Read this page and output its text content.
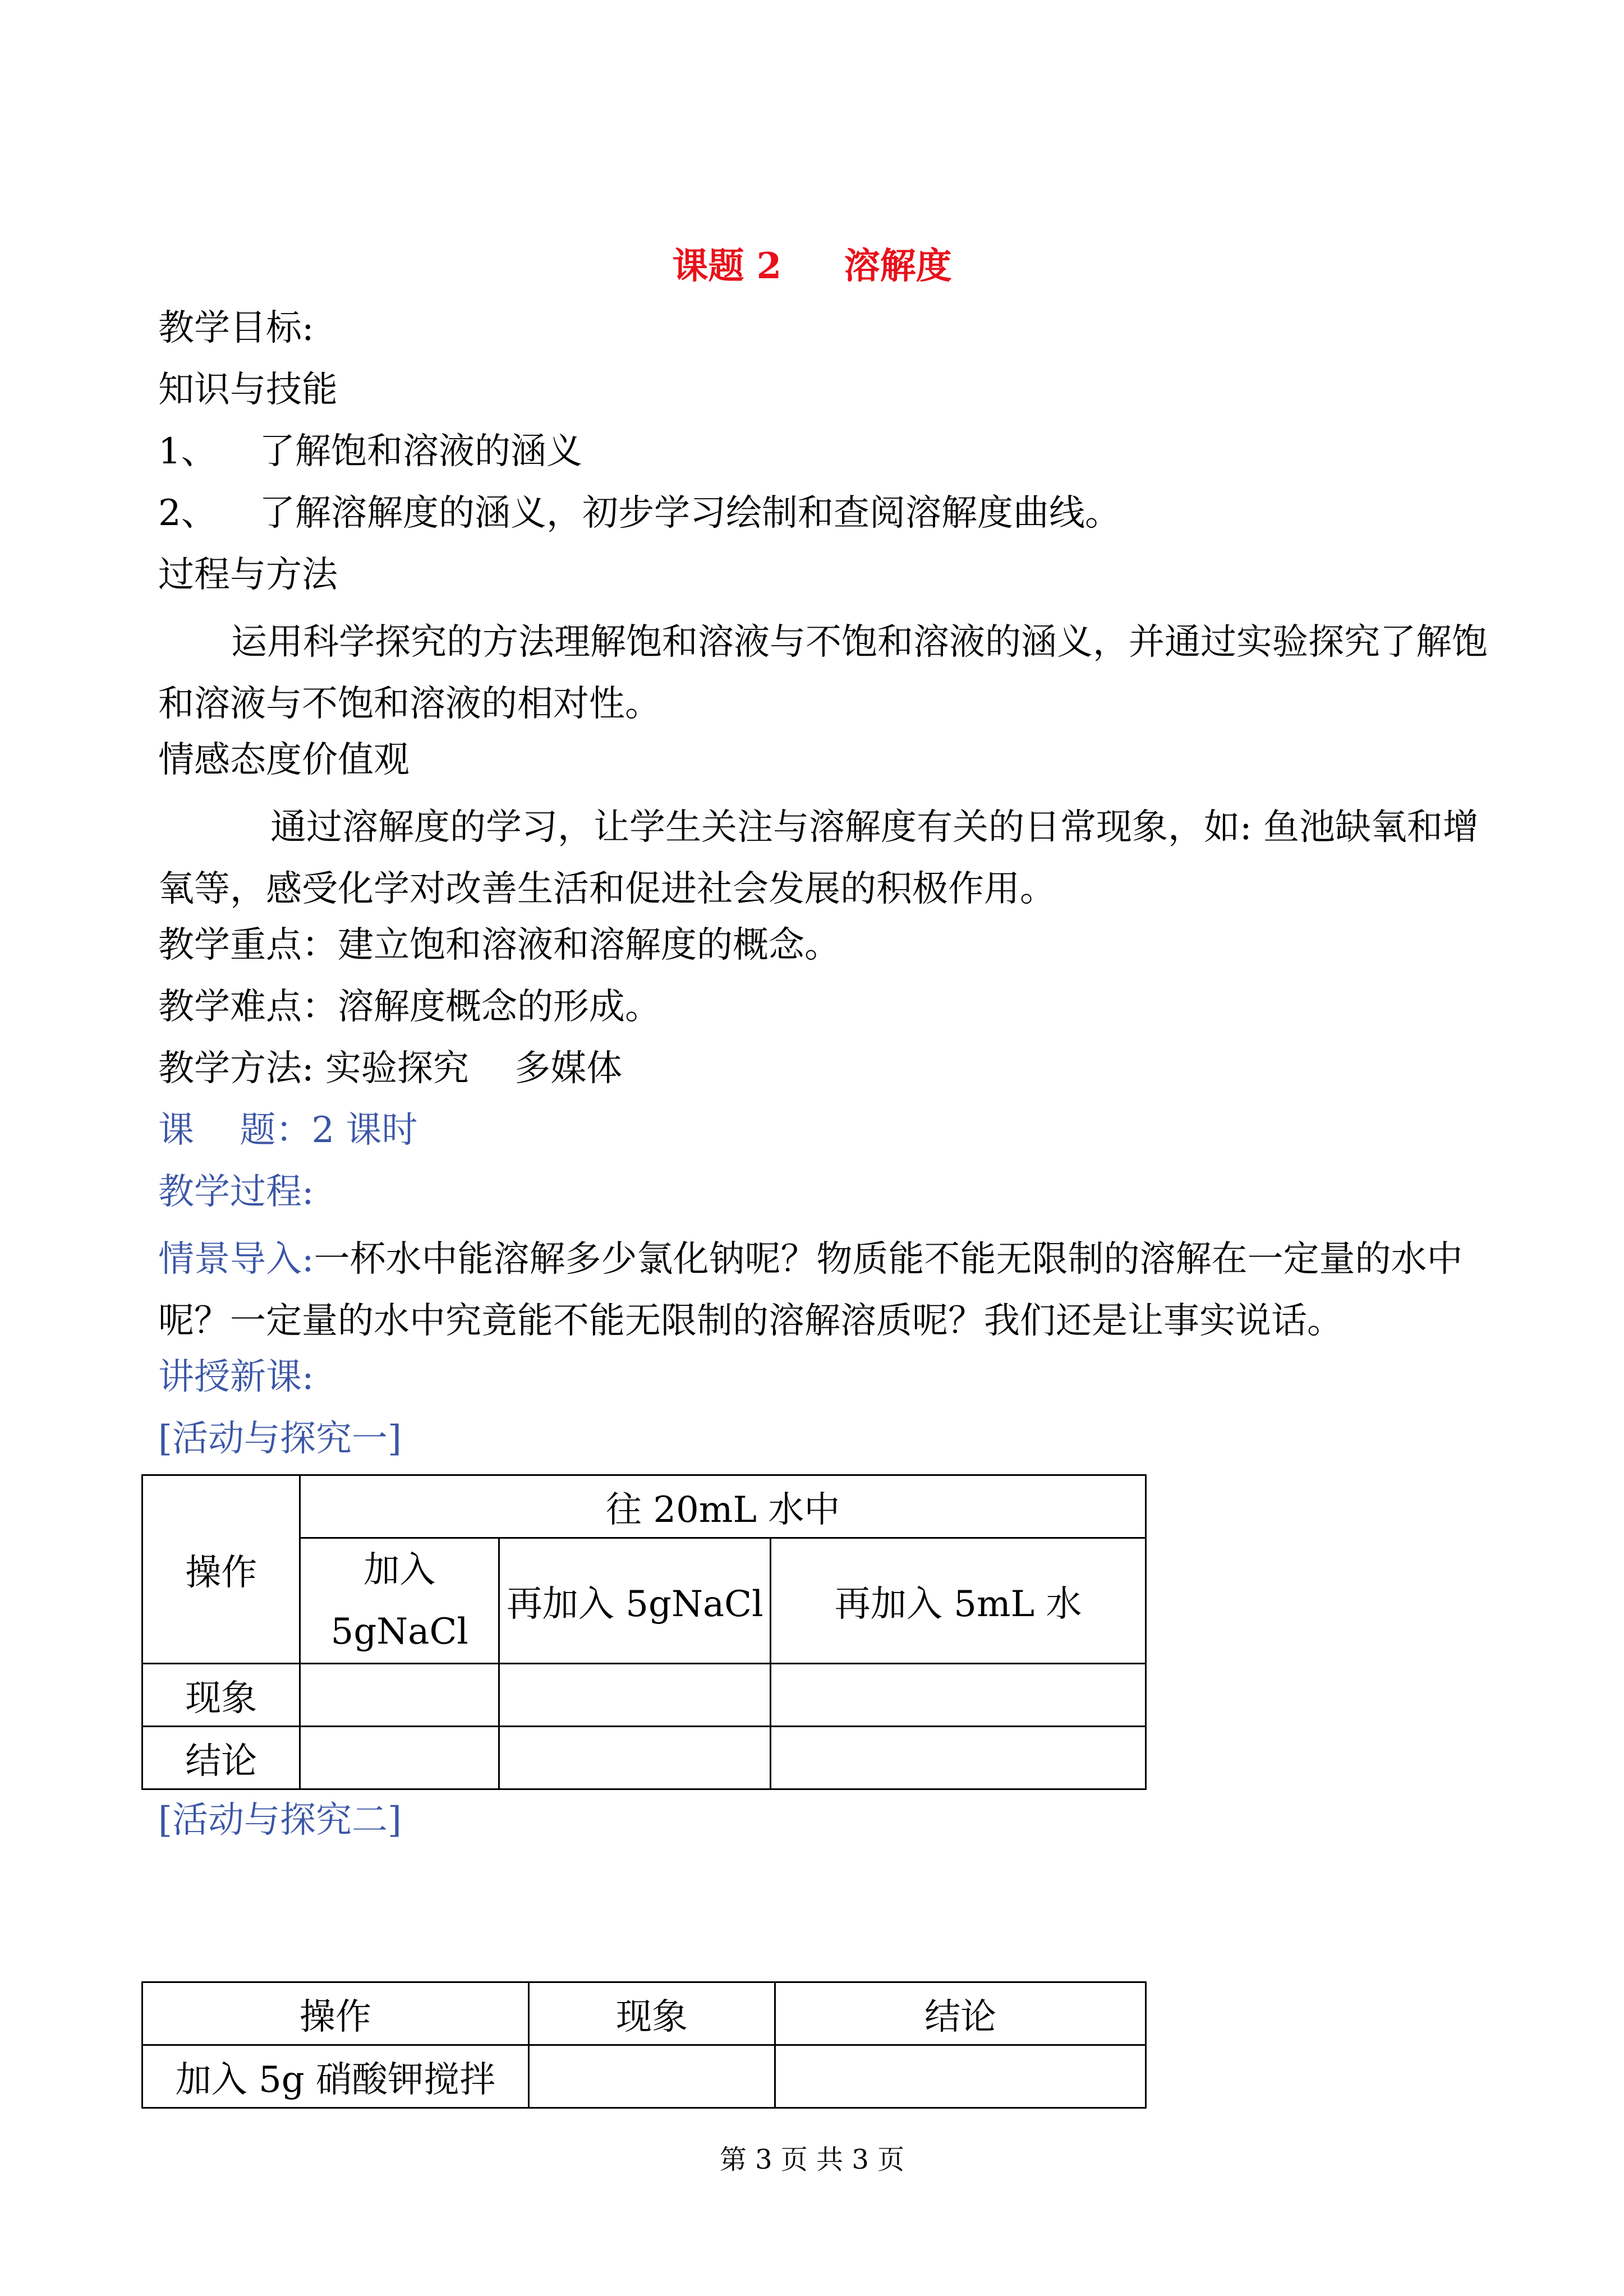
课题 2     溶解度
教学目标:
知识与技能
1、 了解饱和溶液的涵义
2、 了解溶解度的涵义，初步学习绘制和查阅溶解度曲线。
过程与方法
运用科学探究的方法理解饱和溶液与不饱和溶液的涵义，并通过实验探究了解饱和溶液与不饱和溶液的相对性。
情感态度价值观
通过溶解度的学习，让学生关注与溶解度有关的日常现象，如: 鱼池缺氧和增氧等，感受化学对改善生活和促进社会发展的积极作用。
教学重点：建立饱和溶液和溶解度的概念。
教学难点：溶解度概念的形成。
教学方法: 实验探究    多媒体
课    题：2 课时
教学过程:
情景导入:一杯水中能溶解多少氯化钠呢？物质能不能无限制的溶解在一定量的水中呢？一定量的水中究竟能不能无限制的溶解溶质呢？我们还是让事实说话。
讲授新课:
[活动与探究一]
操作	往 20mL 水中		
	加入 5gNaCl	再加入 5gNaCl	再加入 5mL 水
现象			
结论			
[活动与探究二]
操作	现象	结论
加入 5g 硝酸钾搅拌		
第 3 页 共 3 页
